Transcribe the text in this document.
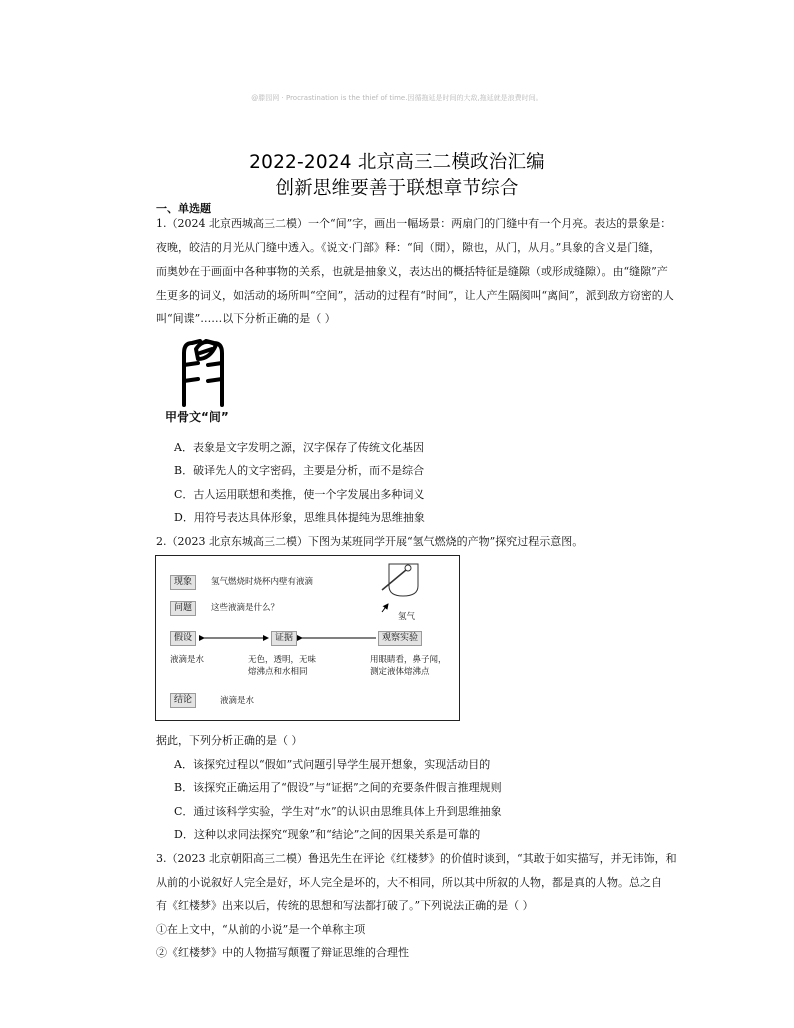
@滕园网 · Procrastination is the thief of time.因循拖延是时间的大敌,拖延就是浪费时间。
2022-2024 北京高三二模政治汇编
创新思维要善于联想章节综合
一、单选题
1.（2024 北京西城高三二模）一个“间”字，画出一幅场景：两扇门的门缝中有一个月亮。表达的景象是：
夜晚，皎洁的月光从门缝中透入。《说文·门部》释：“间（閒），隙也，从门，从月。”具象的含义是门缝，
而奥妙在于画面中各种事物的关系，也就是抽象义，表达出的概括特征是缝隙（或形成缝隙）。由“缝隙”产
生更多的词义，如活动的场所叫“空间”，活动的过程有“时间”，让人产生隔阂叫“离间”，派到敌方窃密的人
叫“间谍”……以下分析正确的是（ ）
甲骨文“间”
A．表象是文字发明之源，汉字保存了传统文化基因
B．破译先人的文字密码，主要是分析，而不是综合
C．古人运用联想和类推，使一个字发展出多种词义
D．用符号表达具体形象，思维具体提纯为思维抽象
2.（2023 北京东城高三二模）下图为某班同学开展“氢气燃烧的产物”探究过程示意图。
现象	氢气燃烧时烧杯内壁有液滴
问题	这些液滴是什么？
氢气
假设	证据	观察实验
液滴是水	无色，透明，无味
熔沸点和水相同
用眼睛看，鼻子闻，
测定液体熔沸点
结论	液滴是水
据此，下列分析正确的是（ ）
A．该探究过程以“假如”式问题引导学生展开想象，实现活动目的
B．该探究正确运用了“假设”与“证据”之间的充要条件假言推理规则
C．通过该科学实验，学生对“水”的认识由思维具体上升到思维抽象
D．这种以求同法探究“现象”和“结论”之间的因果关系是可靠的
3.（2023 北京朝阳高三二模）鲁迅先生在评论《红楼梦》的价值时谈到，“其敢于如实描写，并无讳饰，和
从前的小说叙好人完全是好，坏人完全是坏的，大不相同，所以其中所叙的人物，都是真的人物。总之自
有《红楼梦》出来以后，传统的思想和写法都打破了。”下列说法正确的是（ ）
①在上文中，“从前的小说”是一个单称主项
②《红楼梦》中的人物描写颠覆了辩证思维的合理性
